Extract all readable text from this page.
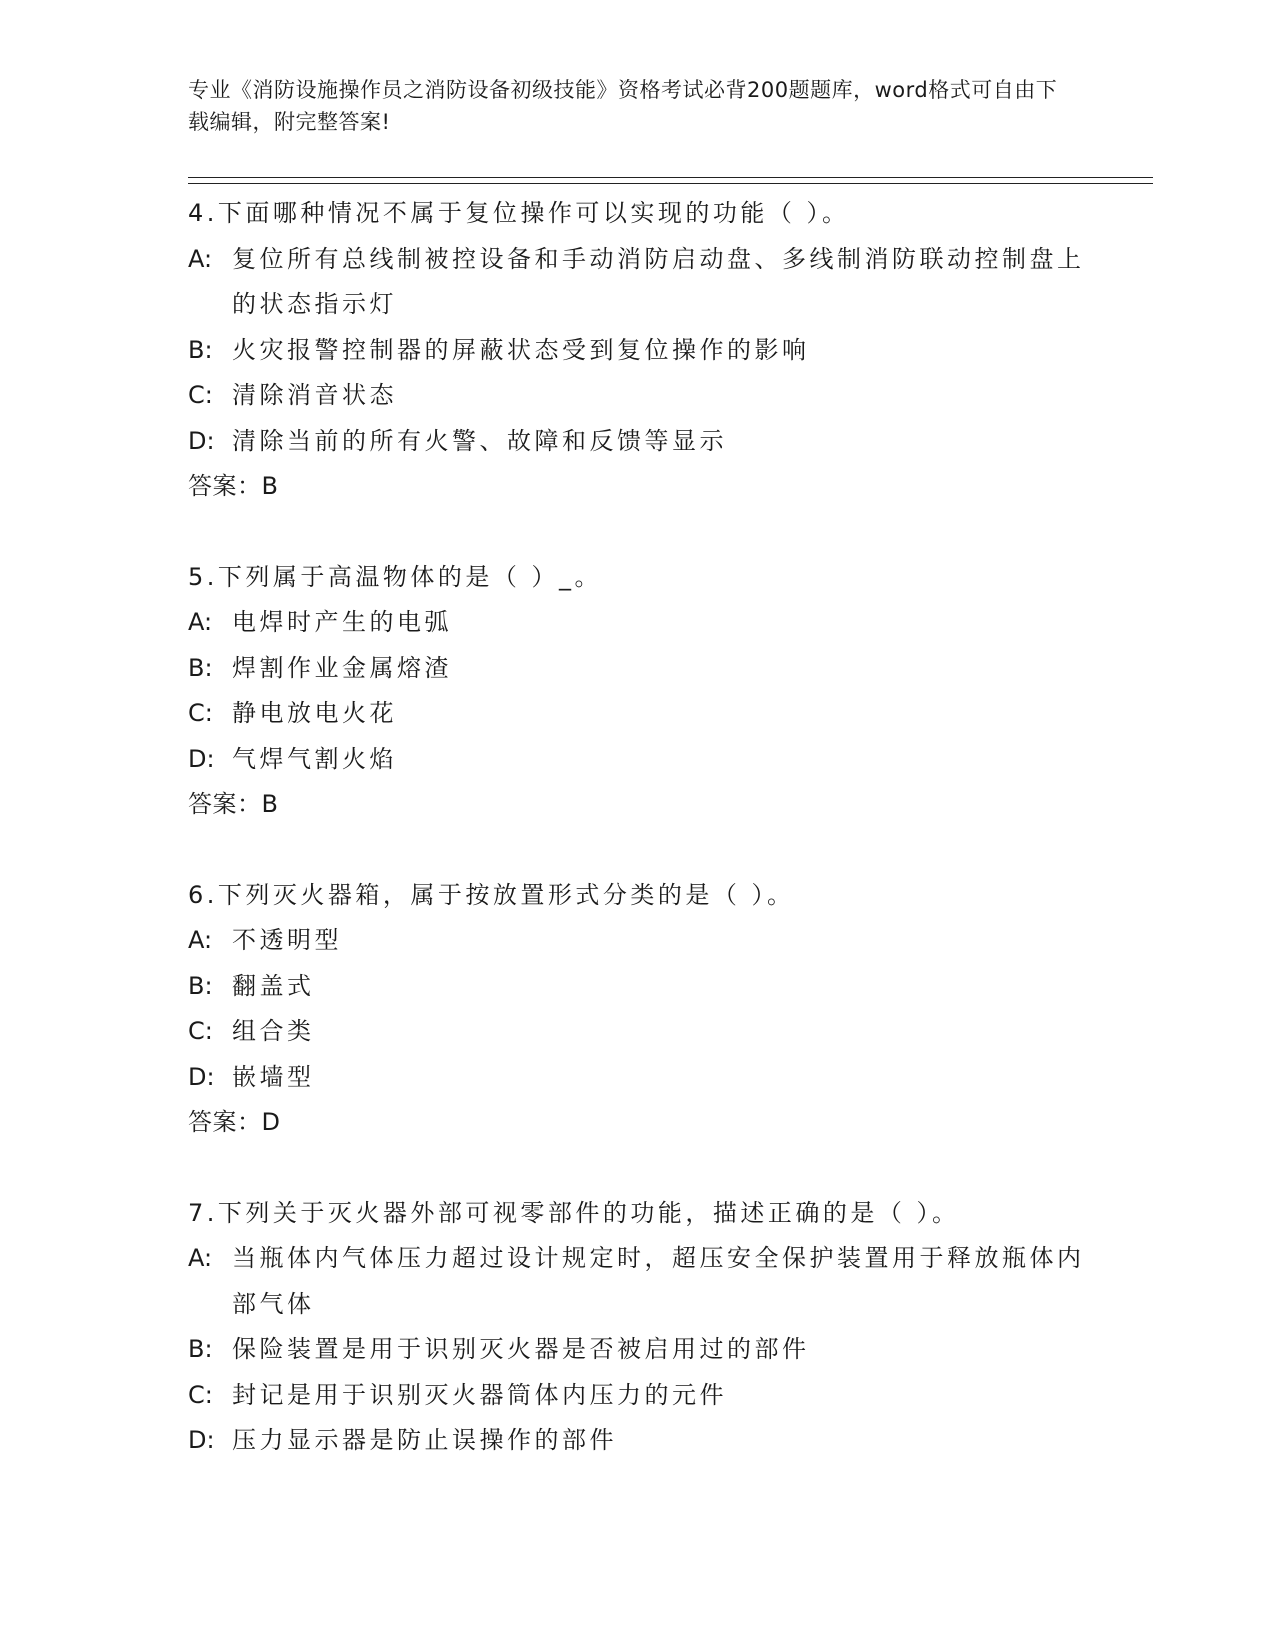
专业《消防设施操作员之消防设备初级技能》资格考试必背200题题库，word格式可自由下载编辑，附完整答案!

4.下面哪种情况不属于复位操作可以实现的功能（ ）。

A: 复位所有总线制被控设备和手动消防启动盘、多线制消防联动控制盘上的状态指示灯
B: 火灾报警控制器的屏蔽状态受到复位操作的影响
C: 清除消音状态
D: 清除当前的所有火警、故障和反馈等显示

答案：B

5.下列属于高温物体的是（ ）_。

A: 电焊时产生的电弧
B: 焊割作业金属熔渣
C: 静电放电火花
D: 气焊气割火焰

答案：B

6.下列灭火器箱，属于按放置形式分类的是（ ）。

A: 不透明型
B: 翻盖式
C: 组合类
D: 嵌墙型

答案：D

7.下列关于灭火器外部可视零部件的功能，描述正确的是（ ）。

A: 当瓶体内气体压力超过设计规定时，超压安全保护装置用于释放瓶体内部气体
B: 保险装置是用于识别灭火器是否被启用过的部件
C: 封记是用于识别灭火器筒体内压力的元件
D: 压力显示器是防止误操作的部件
